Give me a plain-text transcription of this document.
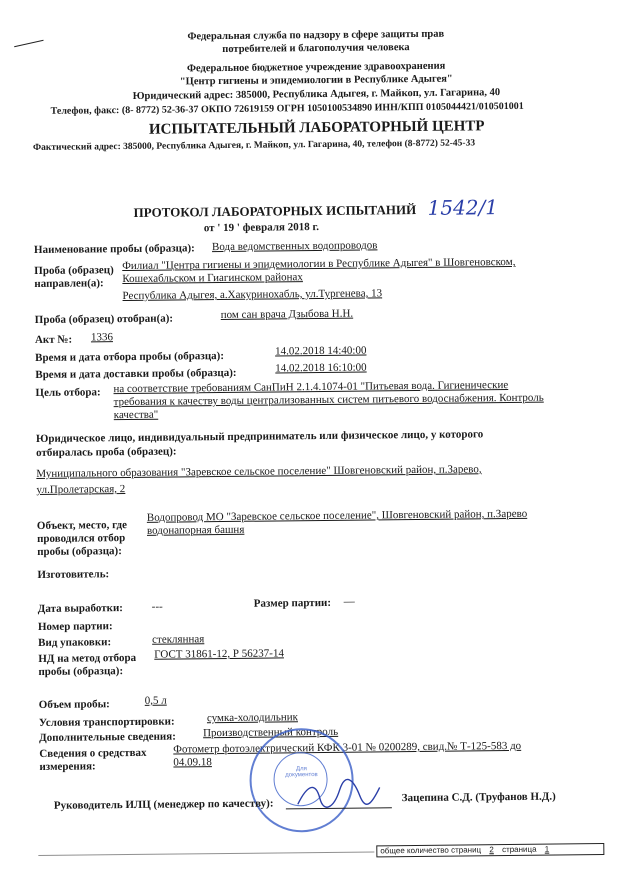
Федеральная служба по надзору в сфере защиты прав
потребителей и благополучия человека
Федеральное бюджетное учреждение здравоохранения
"Центр гигиены и эпидемиологии в Республике Адыгея"
Юридический адрес: 385000, Республика Адыгея, г. Майкоп, ул. Гагарина, 40
Телефон, факс: (8- 8772) 52-36-37 ОКПО 72619159 ОГРН 1050100534890 ИНН/КПП 0105044421/010501001
ИСПЫТАТЕЛЬНЫЙ ЛАБОРАТОРНЫЙ ЦЕНТР
Фактический адрес: 385000, Республика Адыгея, г. Майкоп, ул. Гагарина, 40, телефон (8-8772) 52-45-33
ПРОТОКОЛ ЛАБОРАТОРНЫХ ИСПЫТАНИЙ 1542/1
от ' 19 ' февраля 2018 г.
Наименование пробы (образца): Вода ведомственных водопроводов
Проба (образец)
направлен(а):
Филиал "Центра гигиены и эпидемиологии в Республике Адыгея" в Шовгеновском,
Кошехабльском и Гиагинском районах
Республика Адыгея, а.Хакуринохабль, ул.Тургенева, 13
Проба (образец) отобран(а):	пом сан врача Дзыбова Н.Н.
Акт №: 1336
Время и дата отбора пробы (образца):	14.02.2018 14:40:00
Время и дата доставки пробы (образца):	14.02.2018 16:10:00
Цель отбора: на соответствие требованиям СанПиН 2.1.4.1074-01 "Питьевая вода. Гигиенические
требования к качеству воды централизованных систем питьевого водоснабжения. Контроль
качества"
Юридическое лицо, индивидуальный предприниматель или физическое лицо, у которого
отбиралась проба (образец):
Муниципального образования "Заревское сельское поселение" Шовгеновский район, п.Зарево,
ул.Пролетарская, 2
Объект, место, где
проводился отбор
пробы (образца):
Водопровод МО "Заревское сельское поселение", Шовгеновский район, п.Зарево
водонапорная башня
Изготовитель:
Дата выработки:	---	Размер партии: —
Номер партии:
Вид упаковки:	стеклянная
НД на метод отбора
пробы (образца):
ГОСТ 31861-12, Р 56237-14
Объем пробы:	0,5 л
Условия транспортировки:	сумка-холодильник
Дополнительные сведения: Производственный контроль
Сведения о средствах
измерения:
Фотометр фотоэлектрический КФК 3-01 № 0200289, свид.№ Т-125-583 до
04.09.18
Для документов
Руководитель ИЛЦ (менеджер по качеству):
Зацепина С.Д. (Труфанов Н.Д.)
общее количество страниц 2 страница 1
